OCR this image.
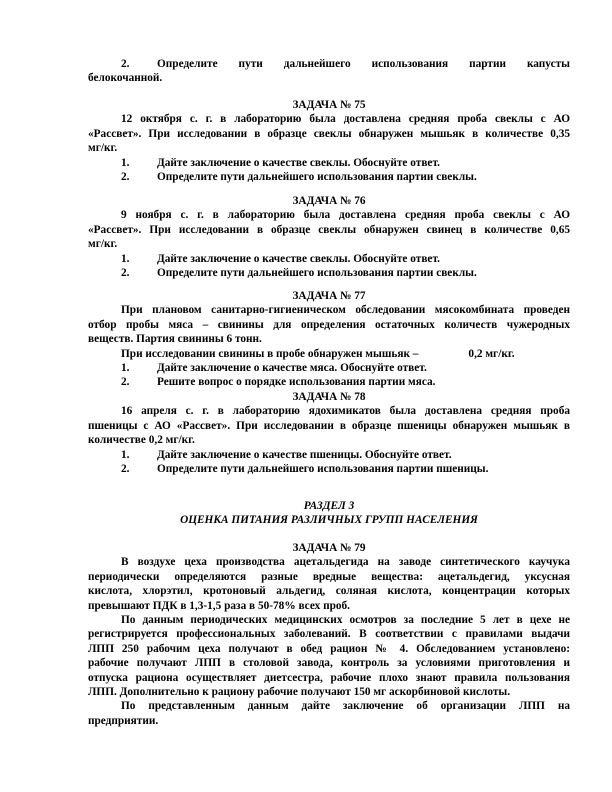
2. Определите пути дальнейшего использования партии капусты
белокочанной.
ЗАДАЧА № 75
12 октября с. г. в лабораторию была доставлена средняя проба свеклы с АО
«Рассвет». При исследовании в образце свеклы обнаружен мышьяк в количестве 0,35
мг/кг.
1. Дайте заключение о качестве свеклы. Обоснуйте ответ.
2. Определите пути дальнейшего использования партии свеклы.
ЗАДАЧА № 76
9 ноября с. г. в лабораторию была доставлена средняя проба свеклы с АО
«Рассвет». При исследовании в образце свеклы обнаружен свинец в количестве 0,65
мг/кг.
1. Дайте заключение о качестве свеклы. Обоснуйте ответ.
2. Определите пути дальнейшего использования партии свеклы.
ЗАДАЧА № 77
При плановом санитарно-гигиеническом обследовании мясокомбината проведен
отбор пробы мяса – свинины для определения остаточных количеств чужеродных
веществ. Партия свинины 6 тонн.
При исследовании свинины в пробе обнаружен мышьяк –	0,2 мг/кг.
1. Дайте заключение о качестве мяса. Обоснуйте ответ.
2. Решите вопрос о порядке использования партии мяса.
ЗАДАЧА № 78
16 апреля с. г. в лабораторию ядохимикатов была доставлена средняя проба
пшеницы с АО «Рассвет». При исследовании в образце пшеницы обнаружен мышьяк в
количестве 0,2 мг/кг.
1. Дайте заключение о качестве пшеницы. Обоснуйте ответ.
2. Определите пути дальнейшего использования партии пшеницы.
РАЗДЕЛ 3
ОЦЕНКА ПИТАНИЯ РАЗЛИЧНЫХ ГРУПП НАСЕЛЕНИЯ
ЗАДАЧА № 79
В воздухе цеха производства ацетальдегида на заводе синтетического каучука
периодически определяются разные вредные вещества: ацетальдегид, уксусная
кислота, хлорэтил, кротоновый альдегид, соляная кислота, концентрации которых
превышают ПДК в 1,3-1,5 раза в 50-78% всех проб.
По данным периодических медицинских осмотров за последние 5 лет в цехе не
регистрируется профессиональных заболеваний. В соответствии с правилами выдачи
ЛПП 250 рабочим цеха получают в обед рацион № 4. Обследованием установлено:
рабочие получают ЛПП в столовой завода, контроль за условиями приготовления и
отпуска рациона осуществляет диетсестра, рабочие плохо знают правила пользования
ЛПП. Дополнительно к рациону рабочие получают 150 мг аскорбиновой кислоты.
По представленным данным дайте заключение об организации ЛПП на
предприятии.
